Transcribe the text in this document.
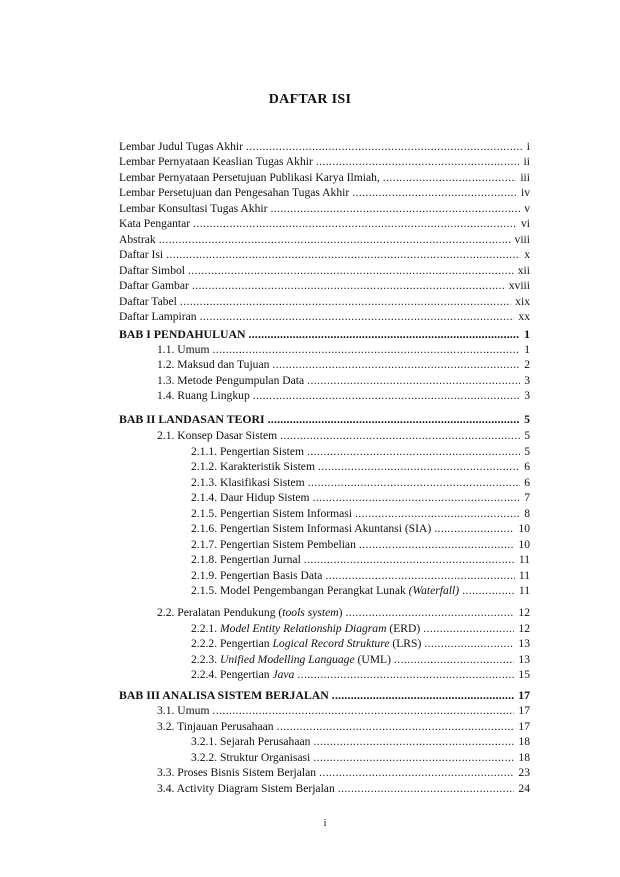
DAFTAR ISI
Lembar Judul Tugas Akhir .....	i
Lembar Pernyataan Keaslian Tugas Akhir .....	ii
Lembar Pernyataan Persetujuan Publikasi Karya Ilmiah, .....	iii
Lembar Persetujuan dan Pengesahan Tugas Akhir .....	iv
Lembar Konsultasi Tugas Akhir .....	v
Kata Pengantar .....	vi
Abstrak .....	viii
Daftar Isi .....	x
Daftar Simbol .....	xii
Daftar Gambar .....	xviii
Daftar Tabel .....	xix
Daftar Lampiran .....	xx
BAB I PENDAHULUAN .....	1
1.1. Umum .....	1
1.2. Maksud dan Tujuan .....	2
1.3. Metode Pengumpulan Data .....	3
1.4. Ruang Lingkup .....	3
BAB II LANDASAN TEORI .....	5
2.1. Konsep Dasar Sistem .....	5
2.1.1. Pengertian Sistem .....	5
2.1.2. Karakteristik Sistem .....	6
2.1.3. Klasifikasi Sistem .....	6
2.1.4. Daur Hidup Sistem .....	7
2.1.5. Pengertian Sistem Informasi .....	8
2.1.6. Pengertian Sistem Informasi Akuntansi (SIA) .....	10
2.1.7. Pengertian Sistem Pembelian .....	10
2.1.8. Pengertian Jurnal .....	11
2.1.9. Pengertian Basis Data .....	11
2.1.5. Model Pengembangan Perangkat Lunak (Waterfall) .....	11
2.2. Peralatan Pendukung (tools system) .....	12
2.2.1. Model Entity Relationship Diagram (ERD) .....	12
2.2.2. Pengertian Logical Record Strukture (LRS) .....	13
2.2.3. Unified Modelling Language (UML) .....	13
2.2.4. Pengertian Java .....	15
BAB III ANALISA SISTEM BERJALAN .....	17
3.1. Umum .....	17
3.2. Tinjauan Perusahaan .....	17
3.2.1. Sejarah Perusahaan .....	18
3.2.2. Struktur Organisasi .....	18
3.3. Proses Bisnis Sistem Berjalan .....	23
3.4. Activity Diagram Sistem Berjalan .....	24
i
